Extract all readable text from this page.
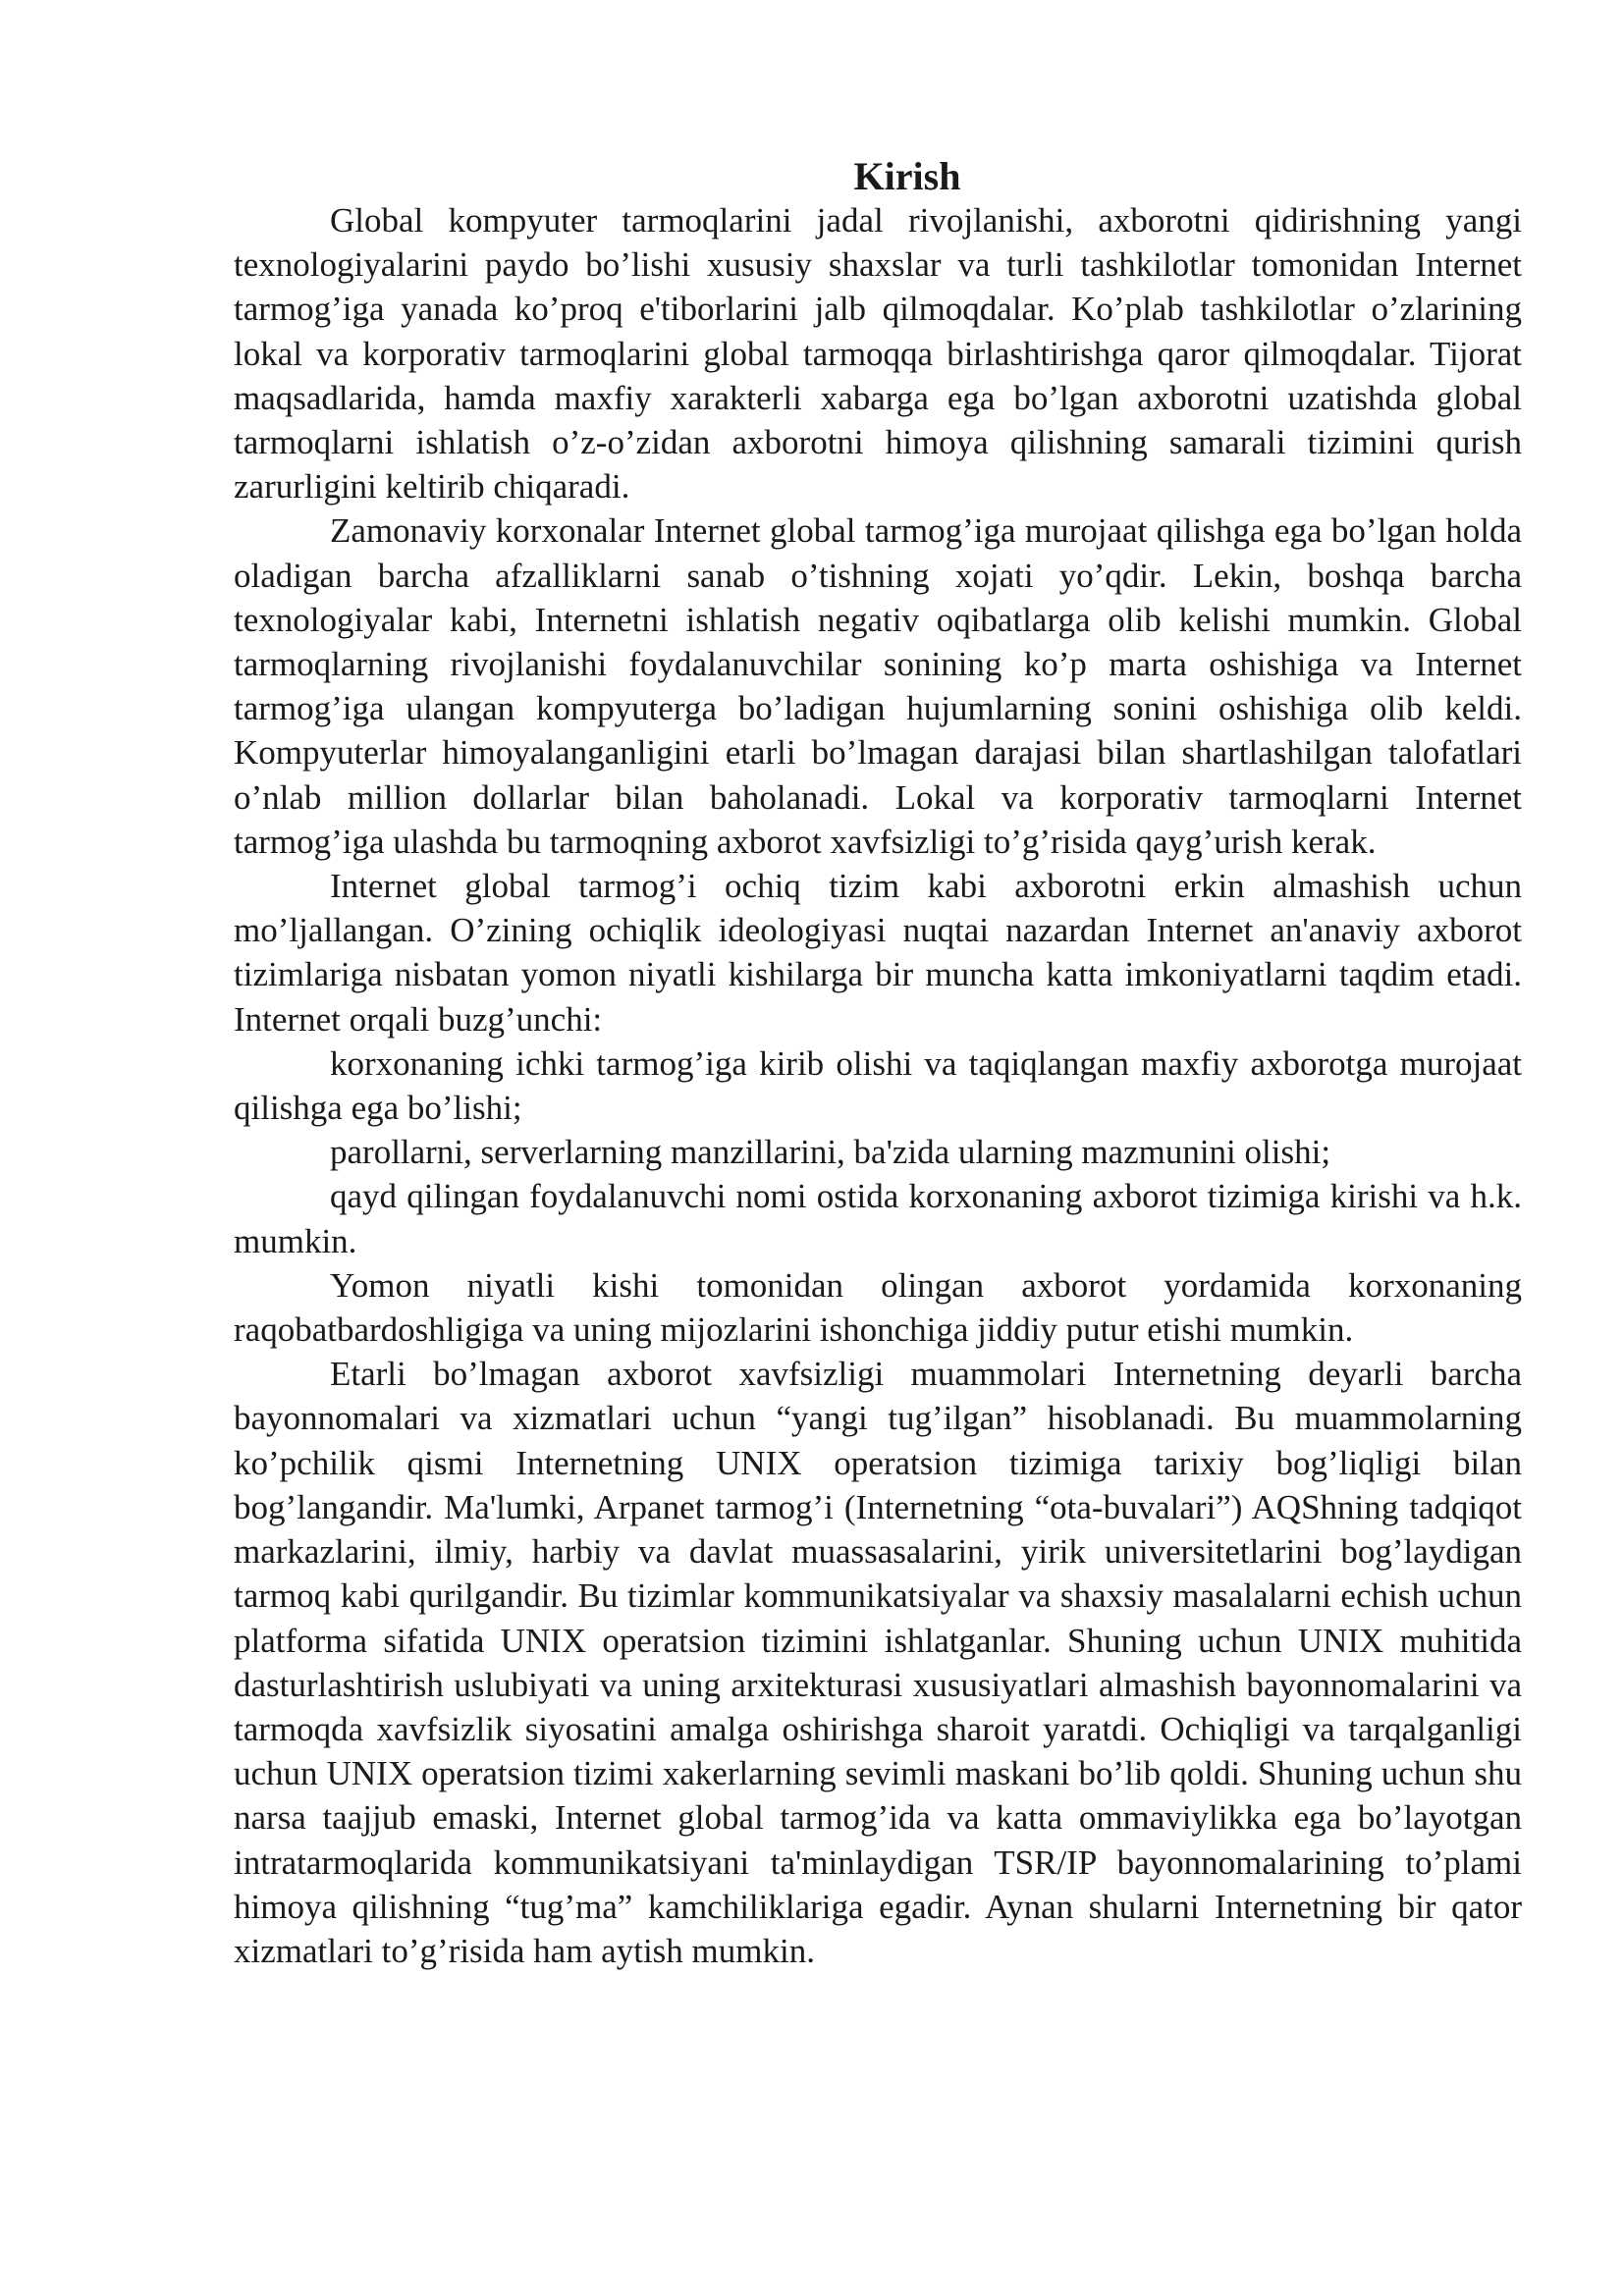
Kirish

Global kompyuter tarmoqlarini jadal rivojlanishi, axborotni qidirishning yangi texnologiyalarini paydo bo’lishi xususiy shaxslar va turli tashkilotlar tomonidan Internet tarmog’iga yanada ko’proq e'tiborlarini jalb qilmoqdalar. Ko’plab tashkilotlar o’zlarining lokal va korporativ tarmoqlarini global tarmoqqa birlashtirishga qaror qilmoqdalar. Tijorat maqsadlarida, hamda maxfiy xarakterli xabarga ega bo’lgan axborotni uzatishda global tarmoqlarni ishlatish o’z-o’zidan axborotni himoya qilishning samarali tizimini qurish zarurligini keltirib chiqaradi.

Zamonaviy korxonalar Internet global tarmog’iga murojaat qilishga ega bo’lgan holda oladigan barcha afzalliklarni sanab o’tishning xojati yo’qdir. Lekin, boshqa barcha texnologiyalar kabi, Internetni ishlatish negativ oqibatlarga olib kelishi mumkin. Global tarmoqlarning rivojlanishi foydalanuvchilar sonining ko’p marta oshishiga va Internet tarmog’iga ulangan kompyuterga bo’ladigan hujumlarning sonini oshishiga olib keldi. Kompyuterlar himoyalanganligini etarli bo’lmagan darajasi bilan shartlashilgan talofatlari o’nlab million dollarlar bilan baholanadi. Lokal va korporativ tarmoqlarni Internet tarmog’iga ulashda bu tarmoqning axborot xavfsizligi to’g’risida qayg’urish kerak.

Internet global tarmog’i ochiq tizim kabi axborotni erkin almashish uchun mo’ljallangan. O’zining ochiqlik ideologiyasi nuqtai nazardan Internet an'anaviy axborot tizimlariga nisbatan yomon niyatli kishilarga bir muncha katta imkoniyatlarni taqdim etadi. Internet orqali buzg’unchi:

korxonaning ichki tarmog’iga kirib olishi va taqiqlangan maxfiy axborotga murojaat qilishga ega bo’lishi;

parollarni, serverlarning manzillarini, ba'zida ularning mazmunini olishi;

qayd qilingan foydalanuvchi nomi ostida korxonaning axborot tizimiga kirishi va h.k. mumkin.

Yomon niyatli kishi tomonidan olingan axborot yordamida korxonaning raqobatbardoshligiga va uning mijozlarini ishonchiga jiddiy putur etishi mumkin.

Etarli bo’lmagan axborot xavfsizligi muammolari Internetning deyarli barcha bayonnomalari va xizmatlari uchun “yangi tug’ilgan” hisoblanadi. Bu muammolarning ko’pchilik qismi Internetning UNIX operatsion tizimiga tarixiy bog’liqligi bilan bog’langandir. Ma'lumki, Arpanet tarmog’i (Internetning “ota-buvalari”) AQShning tadqiqot markazlarini, ilmiy, harbiy va davlat muassasalarini, yirik universitetlarini bog’laydigan tarmoq kabi qurilgandir. Bu tizimlar kommunikatsiyalar va shaxsiy masalalarni echish uchun platforma sifatida UNIX operatsion tizimini ishlatganlar. Shuning uchun UNIX muhitida dasturlashtirish uslubiyati va uning arxitekturasi xususiyatlari almashish bayonnomalarini va tarmoqda xavfsizlik siyosatini amalga oshirishga sharoit yaratdi. Ochiqligi va tarqalganligi uchun UNIX operatsion tizimi xakerlarning sevimli maskani bo’lib qoldi. Shuning uchun shu narsa taajjub emaski, Internet global tarmog’ida va katta ommaviylikka ega bo’layotgan intratarmoqlarida kommunikatsiyani ta'minlaydigan TSR/IP bayonnomalarining to’plami himoya qilishning “tug’ma” kamchiliklariga egadir. Aynan shularni Internetning bir qator xizmatlari to’g’risida ham aytish mumkin.
